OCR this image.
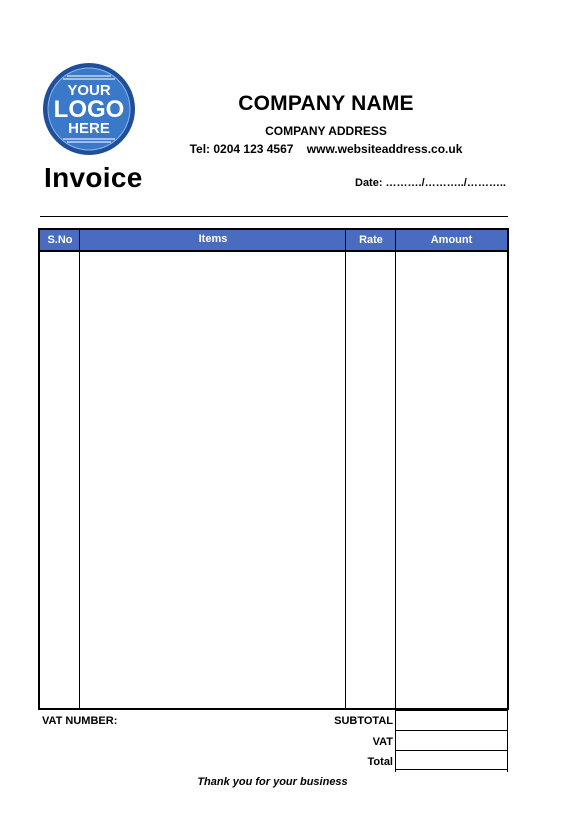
YOUR
LOGO
HERE
COMPANY NAME
COMPANY ADDRESS
Tel: 0204 123 4567    www.websiteaddress.co.uk
Invoice	Date: ………./………../………..
S.No	Items	Rate	Amount
VAT NUMBER:	SUBTOTAL
VAT
Total
Thank you for your business
